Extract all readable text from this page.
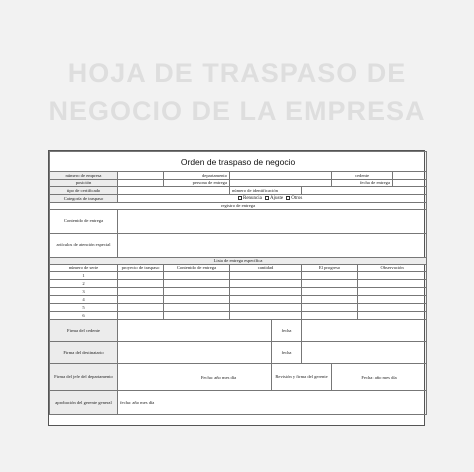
HOJA DE TRASPASO DE
NEGOCIO DE LA EMPRESA
Orden de traspaso de negocio								
número de empresa		departamento				cedente		
posición		persona de entrega				fecha de entrega		
tipo de certificado			número de identificación					
Categoría de traspaso	Renuncia Ajuste Otros							
registro de entrega								
Contenido de entrega								
artículos de atención especial								
Lista de entrega específica								
número de serie	proyecto de traspaso	Contenido de entrega	cantidad		El progreso		Observación	
1								
2								
3								
4								
5								
6								
Firma del cedente				fecha				
Firma del destinatario				fecha				
Firma del jefe del departamento	Fecha: año mes día			Revisión y firma del gerente		Fecha: año mes día		
aprobación del gerente general	fecha: año mes día							
